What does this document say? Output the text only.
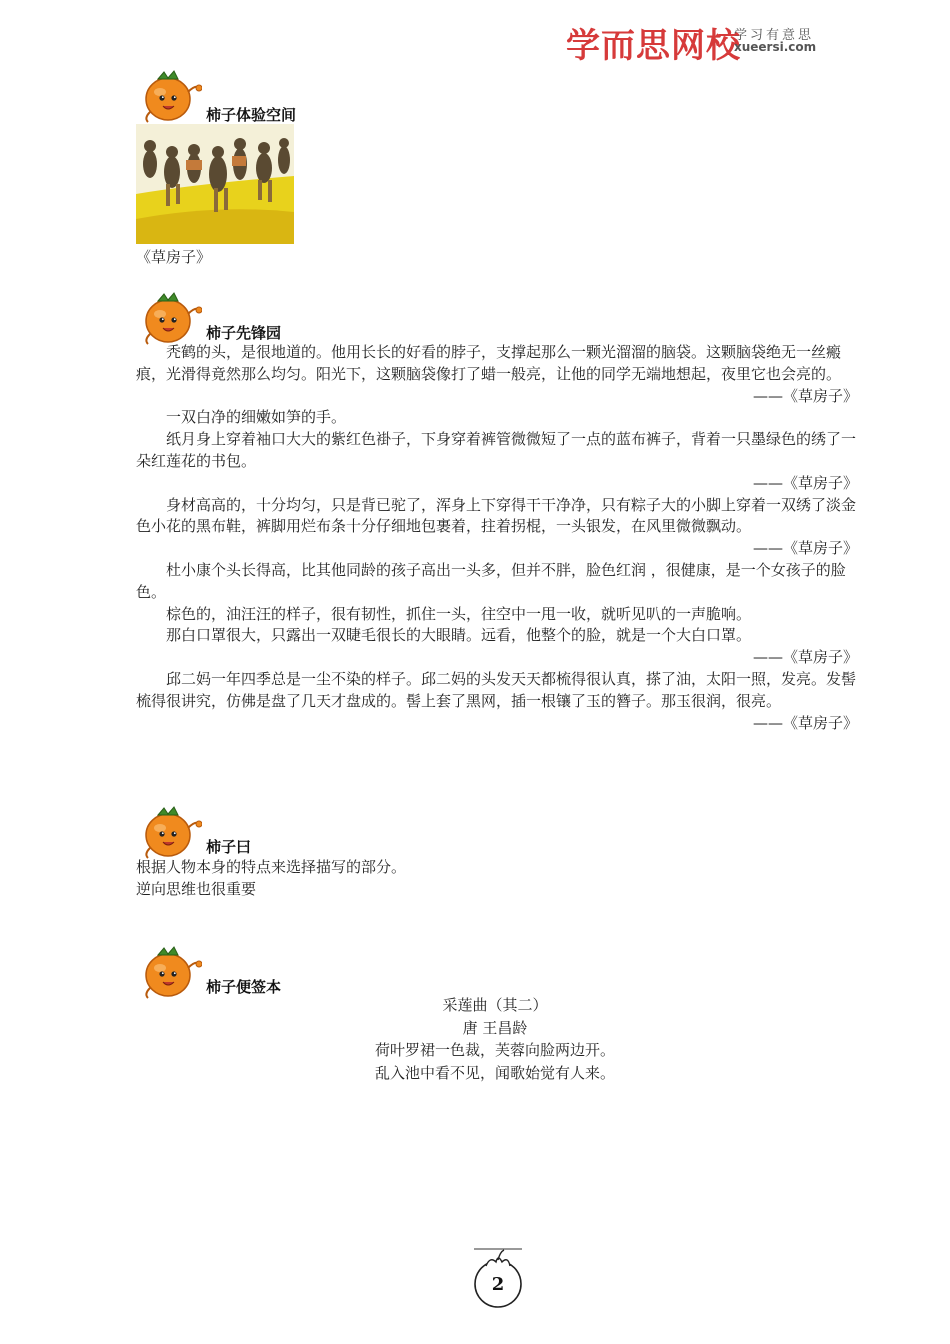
学而思网校
学习有意思
xueersi.com
柿子体验空间
《草房子》
柿子先锋园

秃鹤的头，是很地道的。他用长长的好看的脖子，支撑起那么一颗光溜溜的脑袋。这颗脑袋绝无一丝瘢痕，光滑得竟然那么均匀。阳光下，这颗脑袋像打了蜡一般亮，让他的同学无端地想起，夜里它也会亮的。

——《草房子》

一双白净的细嫩如笋的手。

纸月身上穿着袖口大大的紫红色褂子，下身穿着裤管微微短了一点的蓝布裤子，背着一只墨绿色的绣了一朵红莲花的书包。

——《草房子》

身材高高的，十分均匀，只是背已驼了，浑身上下穿得干干净净，只有粽子大的小脚上穿着一双绣了淡金色小花的黑布鞋，裤脚用烂布条十分仔细地包裹着，拄着拐棍，一头银发，在风里微微飘动。

——《草房子》

杜小康个头长得高，比其他同龄的孩子高出一头多，但并不胖，脸色红润 ，很健康，是一个女孩子的脸色。

棕色的，油汪汪的样子，很有韧性，抓住一头，往空中一甩一收，就听见叭的一声脆响。

那白口罩很大，只露出一双睫毛很长的大眼睛。远看，他整个的脸，就是一个大白口罩。

——《草房子》

邱二妈一年四季总是一尘不染的样子。邱二妈的头发天天都梳得很认真，搽了油，太阳一照，发亮。发髻梳得很讲究，仿佛是盘了几天才盘成的。髻上套了黑网，插一根镶了玉的簪子。那玉很润，很亮。

——《草房子》

柿子曰

根据人物本身的特点来选择描写的部分。

逆向思维也很重要

柿子便签本

采莲曲（其二）

唐 王昌龄

荷叶罗裙一色裁，芙蓉向脸两边开。

乱入池中看不见，闻歌始觉有人来。

2
